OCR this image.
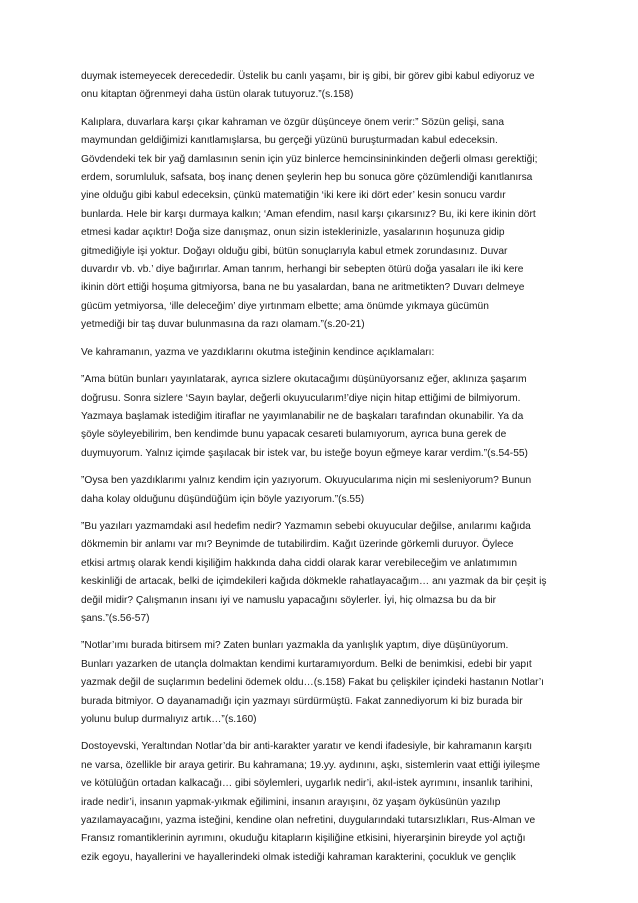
duymak istemeyecek derecededir. Üstelik bu canlı yaşamı, bir iş gibi, bir görev gibi kabul ediyoruz ve
onu kitaptan öğrenmeyi daha üstün olarak tutuyoruz.”(s.158)
Kalıplara, duvarlara karşı çıkar kahraman ve özgür düşünceye önem verir:” Sözün gelişi, sana
maymundan geldiğimizi kanıtlamışlarsa, bu gerçeği yüzünü buruşturmadan kabul edeceksin.
Gövdendeki tek bir yağ damlasının senin için yüz binlerce hemcinsininkinden değerli olması gerektiği;
erdem, sorumluluk, safsata, boş inanç denen şeylerin hep bu sonuca göre çözümlendiği kanıtlanırsa
yine olduğu gibi kabul edeceksin, çünkü matematiğin ‘iki kere iki dört eder’ kesin sonucu vardır
bunlarda. Hele bir karşı durmaya kalkın; ‘Aman efendim, nasıl karşı çıkarsınız? Bu, iki kere ikinin dört
etmesi kadar açıktır! Doğa size danışmaz, onun sizin isteklerinizle, yasalarının hoşunuza gidip
gitmediğiyle işi yoktur. Doğayı olduğu gibi, bütün sonuçlarıyla kabul etmek zorundasınız. Duvar
duvardır vb. vb.’ diye bağırırlar. Aman tanrım, herhangi bir sebepten ötürü doğa yasaları ile iki kere
ikinin dört ettiği hoşuma gitmiyorsa, bana ne bu yasalardan, bana ne aritmetikten? Duvarı delmeye
gücüm yetmiyorsa, ‘ille deleceğim’ diye yırtınmam elbette; ama önümde yıkmaya gücümün
yetmediği bir taş duvar bulunmasına da razı olamam.”(s.20-21)
Ve kahramanın, yazma ve yazdıklarını okutma isteğinin kendince açıklamaları:
”Ama bütün bunları yayınlatarak, ayrıca sizlere okutacağımı düşünüyorsanız eğer, aklınıza şaşarım
doğrusu. Sonra sizlere ‘Sayın baylar, değerli okuyucularım!’diye niçin hitap ettiğimi de bilmiyorum.
Yazmaya başlamak istediğim itiraflar ne yayımlanabilir ne de başkaları tarafından okunabilir. Ya da
şöyle söyleyebilirim, ben kendimde bunu yapacak cesareti bulamıyorum, ayrıca buna gerek de
duymuyorum. Yalnız içimde şaşılacak bir istek var, bu isteğe boyun eğmeye karar verdim.”(s.54-55)
”Oysa ben yazdıklarımı yalnız kendim için yazıyorum. Okuyucularıma niçin mi sesleniyorum? Bunun
daha kolay olduğunu düşündüğüm için böyle yazıyorum.”(s.55)
”Bu yazıları yazmamdaki asıl hedefim nedir? Yazmamın sebebi okuyucular değilse, anılarımı kağıda
dökmemin bir anlamı var mı? Beynimde de tutabilirdim. Kağıt üzerinde görkemli duruyor. Öylece
etkisi artmış olarak kendi kişiliğim hakkında daha ciddi olarak karar verebileceğim ve anlatımımın
keskinliği de artacak, belki de içimdekileri kağıda dökmekle rahatlayacağım… anı yazmak da bir çeşit iş
değil midir? Çalışmanın insanı iyi ve namuslu yapacağını söylerler. İyi, hiç olmazsa bu da bir
şans.”(s.56-57)
”Notlar’ımı burada bitirsem mi? Zaten bunları yazmakla da yanlışlık yaptım, diye düşünüyorum.
Bunları yazarken de utançla dolmaktan kendimi kurtaramıyordum. Belki de benimkisi, edebi bir yapıt
yazmak değil de suçlarımın bedelini ödemek oldu…(s.158) Fakat bu çelişkiler içindeki hastanın Notlar’ı
burada bitmiyor. O dayanamadığı için yazmayı sürdürmüştü. Fakat zannediyorum ki biz burada bir
yolunu bulup durmalıyız artık…”(s.160)
Dostoyevski, Yeraltından Notlar’da bir anti-karakter yaratır ve kendi ifadesiyle, bir kahramanın karşıtı
ne varsa, özellikle bir araya getirir. Bu kahramana; 19.yy. aydınını, aşkı, sistemlerin vaat ettiği iyileşme
ve kötülüğün ortadan kalkacağı… gibi söylemleri, uygarlık nedir’i, akıl-istek ayrımını, insanlık tarihini,
irade nedir’i, insanın yapmak-yıkmak eğilimini, insanın arayışını, öz yaşam öyküsünün yazılıp
yazılamayacağını, yazma isteğini, kendine olan nefretini, duygularındaki tutarsızlıkları, Rus-Alman ve
Fransız romantiklerinin ayrımını, okuduğu kitapların kişiliğine etkisini, hiyerarşinin bireyde yol açtığı
ezik egoyu, hayallerini ve hayallerindeki olmak istediği kahraman karakterini, çocukluk ve gençlik
